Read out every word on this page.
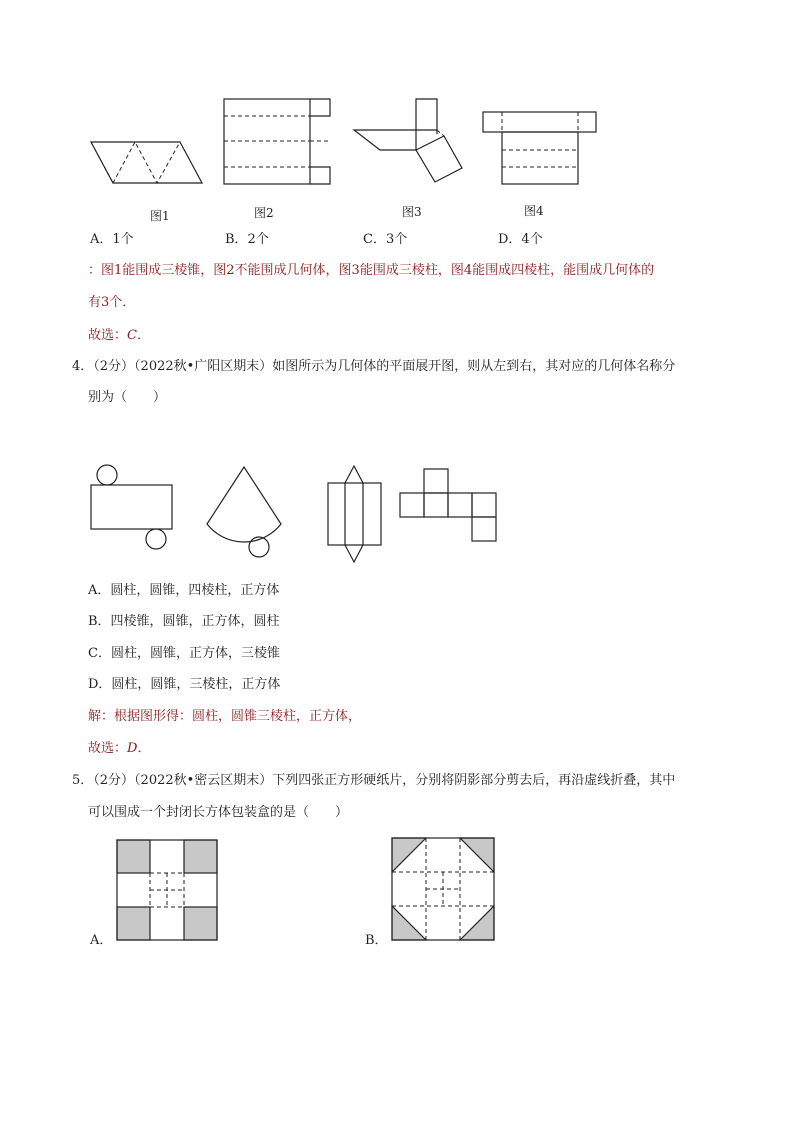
图1	图2	图3	图4
A．1个	B．2个	C．3个	D．4个
：图1能围成三棱锥，图2不能围成几何体，图3能围成三棱柱，图4能围成四棱柱，能围成几何体的
有3个．
故选：C．
4．（2分）（2022秋•广阳区期末）如图所示为几何体的平面展开图，则从左到右，其对应的几何体名称分
别为（　　）
A．圆柱，圆锥，四棱柱，正方体
B．四棱锥，圆锥，正方体，圆柱
C．圆柱，圆锥，正方体，三棱锥
D．圆柱，圆锥，三棱柱，正方体
解：根据图形得：圆柱，圆锥三棱柱，正方体，
故选：D．
5．（2分）（2022秋•密云区期末）下列四张正方形硬纸片，分别将阴影部分剪去后，再沿虚线折叠，其中
可以围成一个封闭长方体包装盒的是（　　）
A．	B．
